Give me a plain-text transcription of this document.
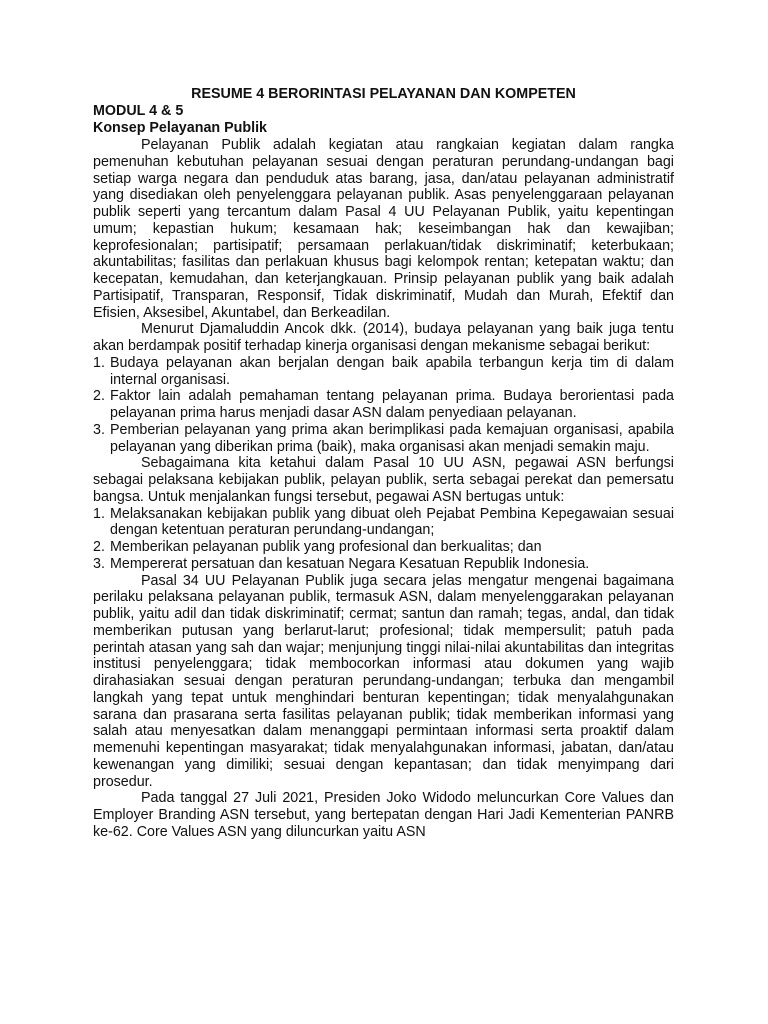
RESUME 4 BERORINTASI PELAYANAN DAN KOMPETEN
MODUL 4 & 5
Konsep Pelayanan Publik

Pelayanan Publik adalah kegiatan atau rangkaian kegiatan dalam rangka pemenuhan kebutuhan pelayanan sesuai dengan peraturan perundang-undangan bagi setiap warga negara dan penduduk atas barang, jasa, dan/atau pelayanan administratif yang disediakan oleh penyelenggara pelayanan publik. Asas penyelenggaraan pelayanan publik seperti yang tercantum dalam Pasal 4 UU Pelayanan Publik, yaitu kepentingan umum; kepastian hukum; kesamaan hak; keseimbangan hak dan kewajiban; keprofesionalan; partisipatif; persamaan perlakuan/tidak diskriminatif; keterbukaan; akuntabilitas; fasilitas dan perlakuan khusus bagi kelompok rentan; ketepatan waktu; dan kecepatan, kemudahan, dan keterjangkauan. Prinsip pelayanan publik yang baik adalah Partisipatif, Transparan, Responsif, Tidak diskriminatif, Mudah dan Murah, Efektif dan Efisien, Aksesibel, Akuntabel, dan Berkeadilan.

Menurut Djamaluddin Ancok dkk. (2014), budaya pelayanan yang baik juga tentu akan berdampak positif terhadap kinerja organisasi dengan mekanisme sebagai berikut:

1. Budaya pelayanan akan berjalan dengan baik apabila terbangun kerja tim di dalam internal organisasi.
2. Faktor lain adalah pemahaman tentang pelayanan prima. Budaya berorientasi pada pelayanan prima harus menjadi dasar ASN dalam penyediaan pelayanan.
3. Pemberian pelayanan yang prima akan berimplikasi pada kemajuan organisasi, apabila pelayanan yang diberikan prima (baik), maka organisasi akan menjadi semakin maju.

Sebagaimana kita ketahui dalam Pasal 10 UU ASN, pegawai ASN berfungsi sebagai pelaksana kebijakan publik, pelayan publik, serta sebagai perekat dan pemersatu bangsa. Untuk menjalankan fungsi tersebut, pegawai ASN bertugas untuk:

1. Melaksanakan kebijakan publik yang dibuat oleh Pejabat Pembina Kepegawaian sesuai dengan ketentuan peraturan perundang-undangan;
2. Memberikan pelayanan publik yang profesional dan berkualitas; dan
3. Mempererat persatuan dan kesatuan Negara Kesatuan Republik Indonesia.

Pasal 34 UU Pelayanan Publik juga secara jelas mengatur mengenai bagaimana perilaku pelaksana pelayanan publik, termasuk ASN, dalam menyelenggarakan pelayanan publik, yaitu adil dan tidak diskriminatif; cermat; santun dan ramah; tegas, andal, dan tidak memberikan putusan yang berlarut-larut; profesional; tidak mempersulit; patuh pada perintah atasan yang sah dan wajar; menjunjung tinggi nilai-nilai akuntabilitas dan integritas institusi penyelenggara; tidak membocorkan informasi atau dokumen yang wajib dirahasiakan sesuai dengan peraturan perundang-undangan; terbuka dan mengambil langkah yang tepat untuk menghindari benturan kepentingan; tidak menyalahgunakan sarana dan prasarana serta fasilitas pelayanan publik; tidak memberikan informasi yang salah atau menyesatkan dalam menanggapi permintaan informasi serta proaktif dalam memenuhi kepentingan masyarakat; tidak menyalahgunakan informasi, jabatan, dan/atau kewenangan yang dimiliki; sesuai dengan kepantasan; dan tidak menyimpang dari prosedur.

Pada tanggal 27 Juli 2021, Presiden Joko Widodo meluncurkan Core Values dan Employer Branding ASN tersebut, yang bertepatan dengan Hari Jadi Kementerian PANRB ke-62. Core Values ASN yang diluncurkan yaitu ASN
